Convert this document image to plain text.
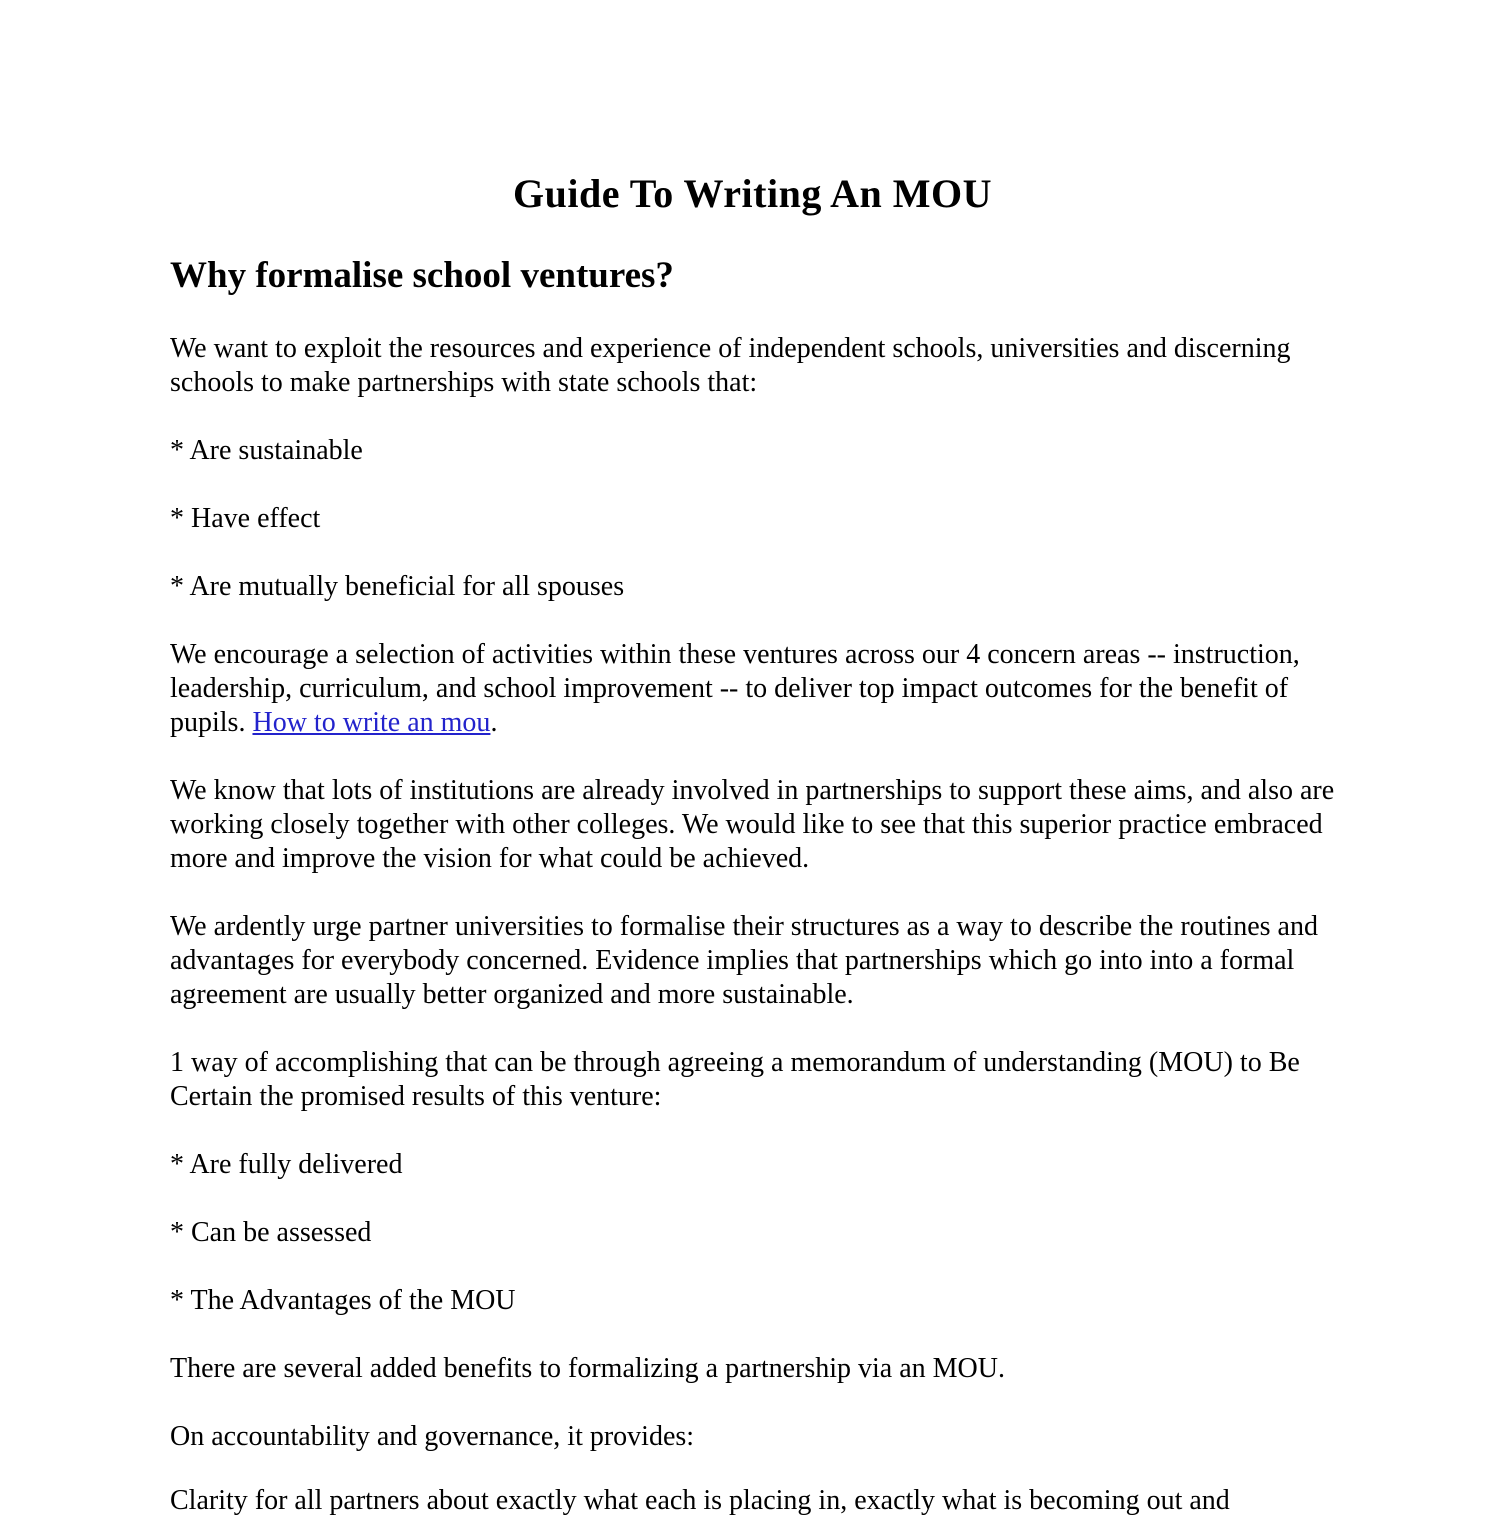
Guide To Writing An MOU
Why formalise school ventures?

We want to exploit the resources and experience of independent schools, universities and discerning schools to make partnerships with state schools that:

* Are sustainable

* Have effect

* Are mutually beneficial for all spouses

We encourage a selection of activities within these ventures across our 4 concern areas -- instruction, leadership, curriculum, and school improvement -- to deliver top impact outcomes for the benefit of pupils. How to write an mou.

We know that lots of institutions are already involved in partnerships to support these aims, and also are working closely together with other colleges. We would like to see that this superior practice embraced more and improve the vision for what could be achieved.

We ardently urge partner universities to formalise their structures as a way to describe the routines and advantages for everybody concerned. Evidence implies that partnerships which go into into a formal agreement are usually better organized and more sustainable.

1 way of accomplishing that can be through agreeing a memorandum of understanding (MOU) to Be Certain the promised results of this venture:

* Are fully delivered

* Can be assessed

* The Advantages of the MOU

There are several added benefits to formalizing a partnership via an MOU.

On accountability and governance, it provides:

Clarity for all partners about exactly what each is placing in, exactly what is becoming out and
